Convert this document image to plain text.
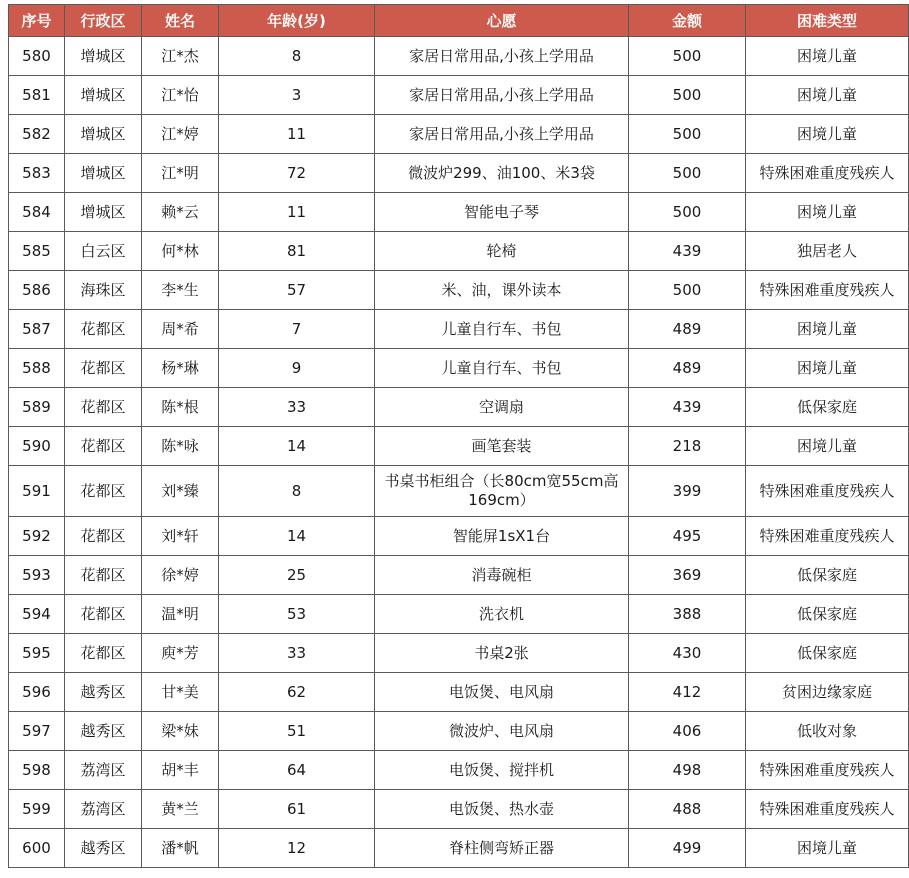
序号	行政区	姓名	年龄(岁)	心愿	金额	困难类型
580	增城区	江*杰	8	家居日常用品,小孩上学用品	500	困境儿童
581	增城区	江*怡	3	家居日常用品,小孩上学用品	500	困境儿童
582	增城区	江*婷	11	家居日常用品,小孩上学用品	500	困境儿童
583	增城区	江*明	72	微波炉299、油100、米3袋	500	特殊困难重度残疾人
584	增城区	赖*云	11	智能电子琴	500	困境儿童
585	白云区	何*林	81	轮椅	439	独居老人
586	海珠区	李*生	57	米、油，课外读本	500	特殊困难重度残疾人
587	花都区	周*希	7	儿童自行车、书包	489	困境儿童
588	花都区	杨*琳	9	儿童自行车、书包	489	困境儿童
589	花都区	陈*根	33	空调扇	439	低保家庭
590	花都区	陈*咏	14	画笔套装	218	困境儿童
591	花都区	刘*臻	8	书桌书柜组合（长80cm宽55cm高169cm）	399	特殊困难重度残疾人
592	花都区	刘*轩	14	智能屏1sX1台	495	特殊困难重度残疾人
593	花都区	徐*婷	25	消毒碗柜	369	低保家庭
594	花都区	温*明	53	洗衣机	388	低保家庭
595	花都区	庾*芳	33	书桌2张	430	低保家庭
596	越秀区	甘*美	62	电饭煲、电风扇	412	贫困边缘家庭
597	越秀区	梁*妹	51	微波炉、电风扇	406	低收对象
598	荔湾区	胡*丰	64	电饭煲、搅拌机	498	特殊困难重度残疾人
599	荔湾区	黄*兰	61	电饭煲、热水壶	488	特殊困难重度残疾人
600	越秀区	潘*帆	12	脊柱侧弯矫正器	499	困境儿童
